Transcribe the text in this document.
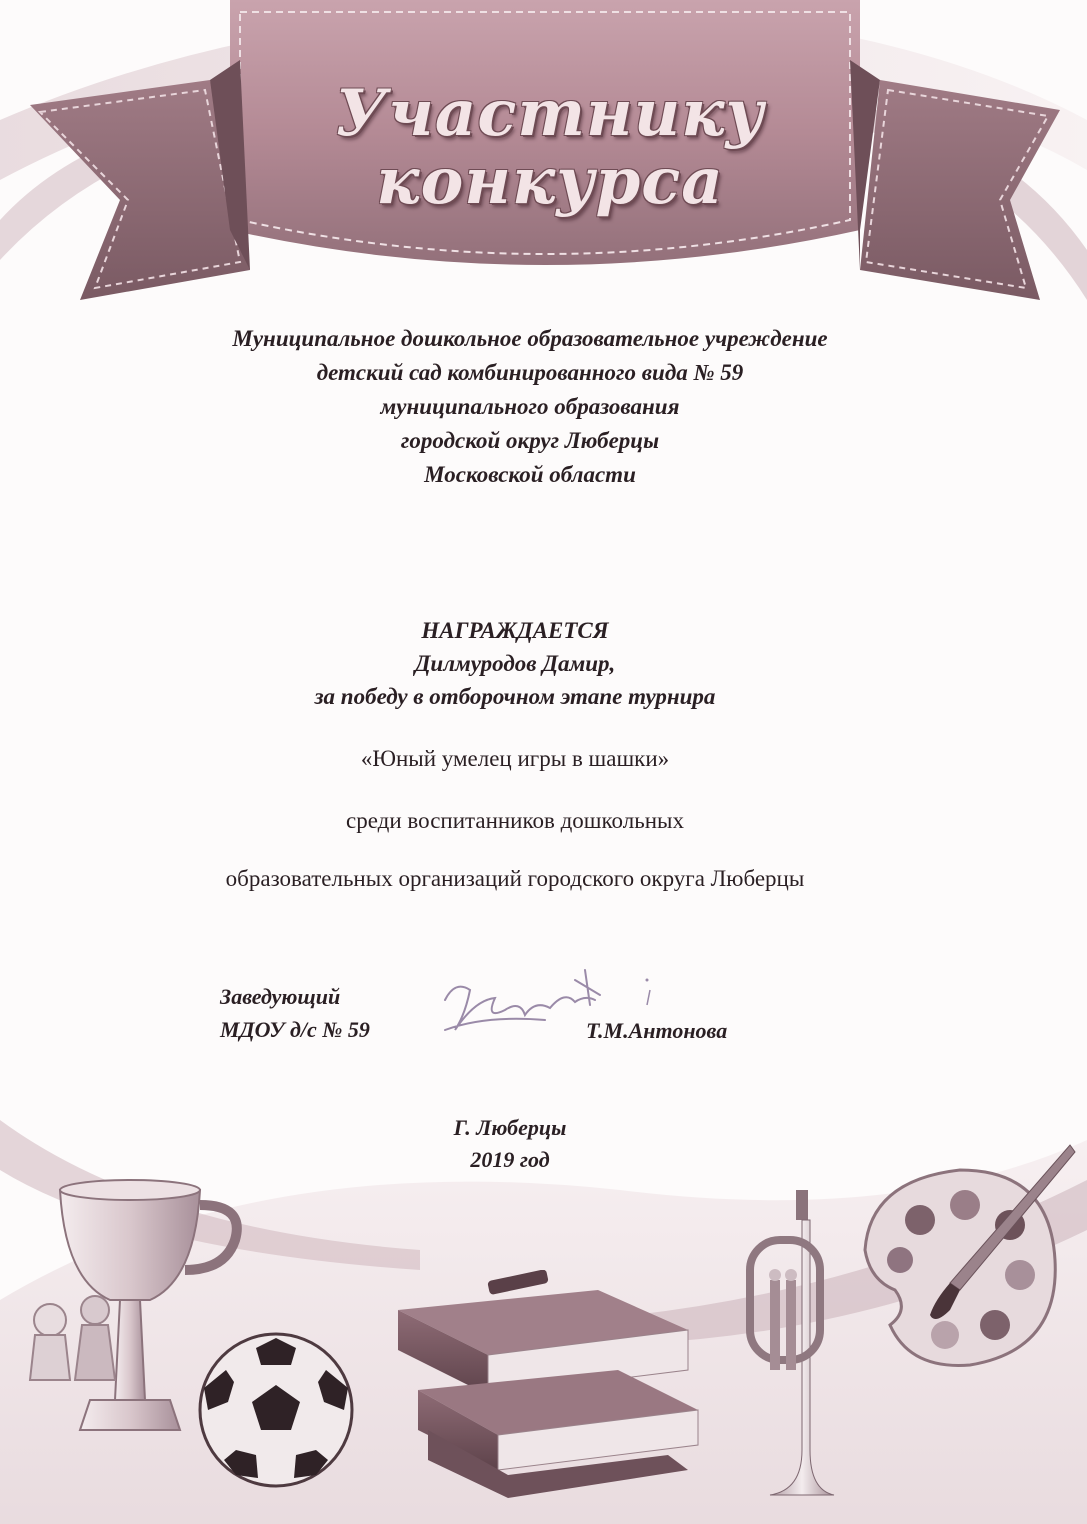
Участнику
конкурса
Муниципальное дошкольное образовательное учреждение
детский сад комбинированного вида № 59
муниципального образования
городской округ Люберцы
Московской области
НАГРАЖДАЕТСЯ
Дилмуродов Дамир,
за победу в отборочном этапе турнира
«Юный умелец игры в шашки»
среди воспитанников дошкольных
образовательных организаций городского округа Люберцы
Заведующий
МДОУ д/с № 59	Т.М.Антонова
Г. Люберцы
2019 год
